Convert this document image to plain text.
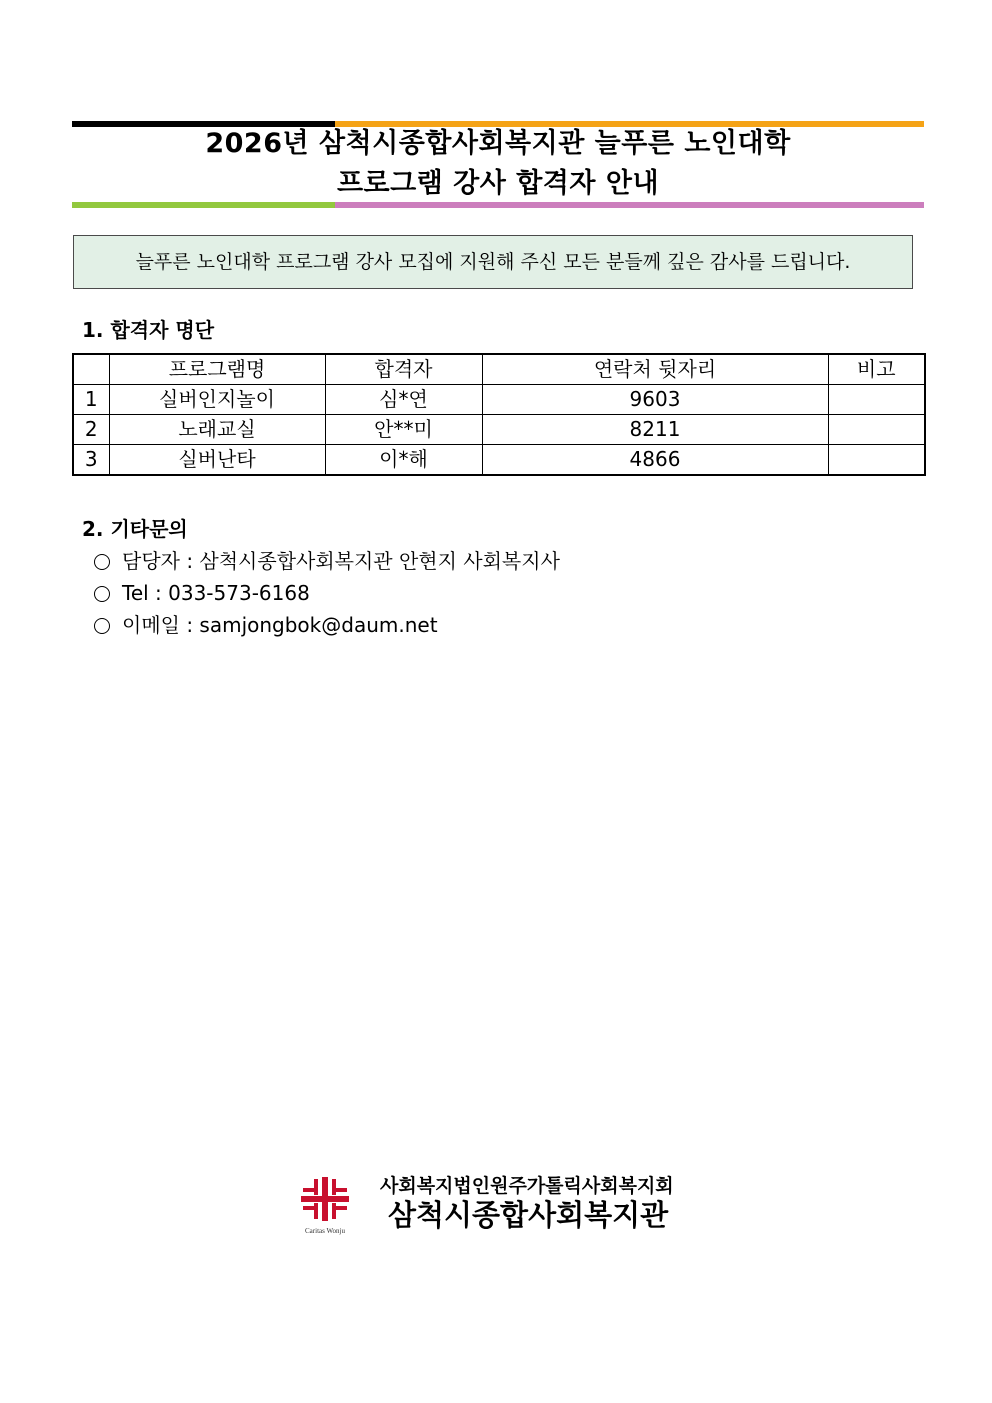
2026년 삼척시종합사회복지관 늘푸른 노인대학
프로그램 강사 합격자 안내
늘푸른 노인대학 프로그램 강사 모집에 지원해 주신 모든 분들께 깊은 감사를 드립니다.
1. 합격자 명단
	프로그램명	합격자	연락처 뒷자리	비고
1	실버인지놀이	심*연	9603	
2	노래교실	안**미	8211	
3	실버난타	이*해	4866	
2. 기타문의
담당자 : 삼척시종합사회복지관 안현지 사회복지사
Tel : 033-573-6168
이메일 : samjongbok@daum.net
Caritas Wonju
사회복지법인원주가톨릭사회복지회
삼척시종합사회복지관
